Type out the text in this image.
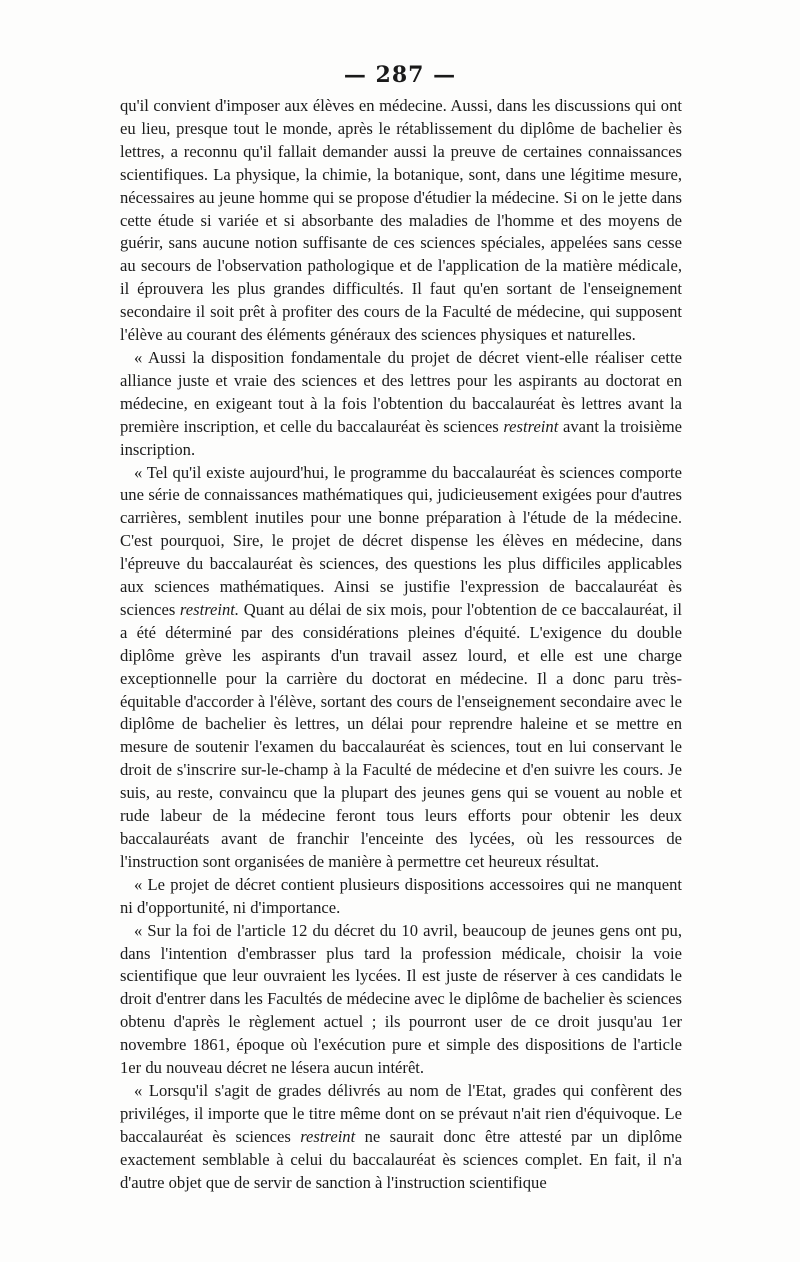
— 287 —

qu'il convient d'imposer aux élèves en médecine. Aussi, dans les discussions qui ont eu lieu, presque tout le monde, après le rétablissement du diplôme de bachelier ès lettres, a reconnu qu'il fallait demander aussi la preuve de certaines connaissances scientifiques. La physique, la chimie, la botanique, sont, dans une légitime mesure, nécessaires au jeune homme qui se propose d'étudier la médecine. Si on le jette dans cette étude si variée et si absorbante des maladies de l'homme et des moyens de guérir, sans aucune notion suffisante de ces sciences spéciales, appelées sans cesse au secours de l'observation pathologique et de l'application de la matière médicale, il éprouvera les plus grandes difficultés. Il faut qu'en sortant de l'enseignement secondaire il soit prêt à profiter des cours de la Faculté de médecine, qui supposent l'élève au courant des éléments généraux des sciences physiques et naturelles.

« Aussi la disposition fondamentale du projet de décret vient-elle réaliser cette alliance juste et vraie des sciences et des lettres pour les aspirants au doctorat en médecine, en exigeant tout à la fois l'obtention du baccalauréat ès lettres avant la première inscription, et celle du baccalauréat ès sciences restreint avant la troisième inscription.

« Tel qu'il existe aujourd'hui, le programme du baccalauréat ès sciences comporte une série de connaissances mathématiques qui, judicieusement exigées pour d'autres carrières, semblent inutiles pour une bonne préparation à l'étude de la médecine. C'est pourquoi, Sire, le projet de décret dispense les élèves en médecine, dans l'épreuve du baccalauréat ès sciences, des questions les plus difficiles applicables aux sciences mathématiques. Ainsi se justifie l'expression de baccalauréat ès sciences restreint. Quant au délai de six mois, pour l'obtention de ce baccalauréat, il a été déterminé par des considérations pleines d'équité. L'exigence du double diplôme grève les aspirants d'un travail assez lourd, et elle est une charge exceptionnelle pour la carrière du doctorat en médecine. Il a donc paru très-équitable d'accorder à l'élève, sortant des cours de l'enseignement secondaire avec le diplôme de bachelier ès lettres, un délai pour reprendre haleine et se mettre en mesure de soutenir l'examen du baccalauréat ès sciences, tout en lui conservant le droit de s'inscrire sur-le-champ à la Faculté de médecine et d'en suivre les cours. Je suis, au reste, convaincu que la plupart des jeunes gens qui se vouent au noble et rude labeur de la médecine feront tous leurs efforts pour obtenir les deux baccalauréats avant de franchir l'enceinte des lycées, où les ressources de l'instruction sont organisées de manière à permettre cet heureux résultat.

« Le projet de décret contient plusieurs dispositions accessoires qui ne manquent ni d'opportunité, ni d'importance.

« Sur la foi de l'article 12 du décret du 10 avril, beaucoup de jeunes gens ont pu, dans l'intention d'embrasser plus tard la profession médicale, choisir la voie scientifique que leur ouvraient les lycées. Il est juste de réserver à ces candidats le droit d'entrer dans les Facultés de médecine avec le diplôme de bachelier ès sciences obtenu d'après le règlement actuel ; ils pourront user de ce droit jusqu'au 1er novembre 1861, époque où l'exécution pure et simple des dispositions de l'article 1er du nouveau décret ne lésera aucun intérêt.

« Lorsqu'il s'agit de grades délivrés au nom de l'Etat, grades qui confèrent des priviléges, il importe que le titre même dont on se prévaut n'ait rien d'équivoque. Le baccalauréat ès sciences restreint ne saurait donc être attesté par un diplôme exactement semblable à celui du baccalauréat ès sciences complet. En fait, il n'a d'autre objet que de servir de sanction à l'instruction scientifique
